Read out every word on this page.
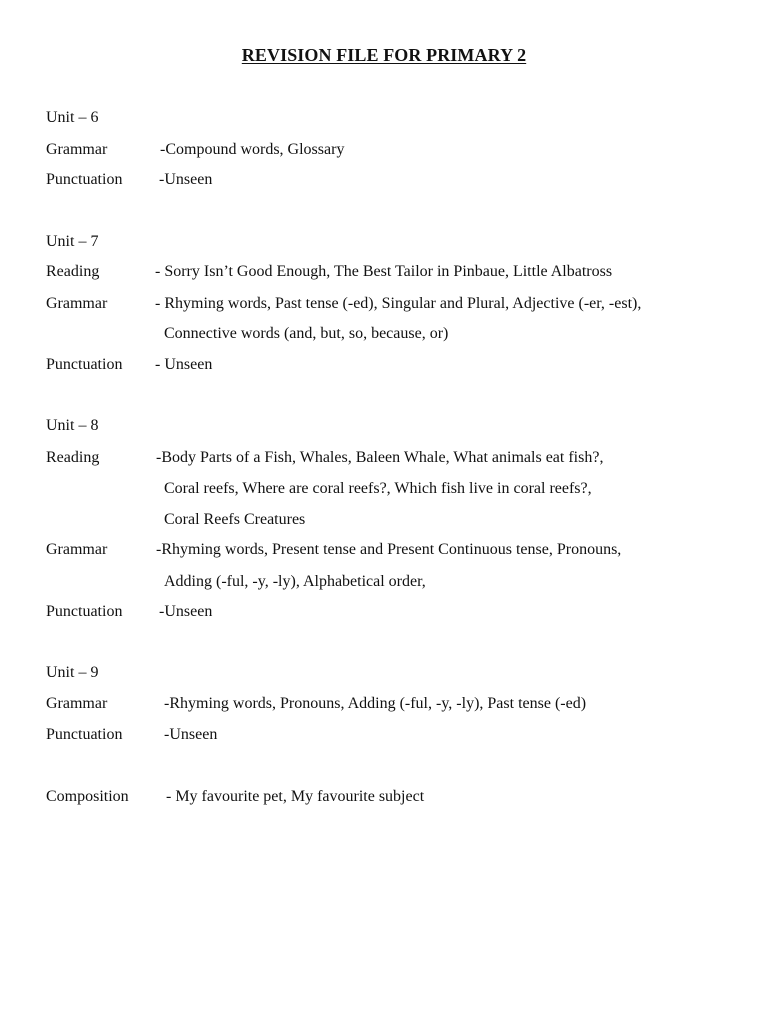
REVISION FILE FOR PRIMARY 2
Unit – 6
Grammar	-Compound words, Glossary
Punctuation -Unseen
Unit – 7
Reading	- Sorry Isn’t Good Enough, The Best Tailor in Pinbaue, Little Albatross
Grammar	- Rhyming words, Past tense (-ed), Singular and Plural, Adjective (-er, -est),
Connective words (and, but, so, because, or)
Punctuation - Unseen
Unit – 8
Reading	-Body Parts of a Fish, Whales, Baleen Whale, What animals eat fish?,
Coral reefs, Where are coral reefs?, Which fish live in coral reefs?,
Coral Reefs Creatures
Grammar	-Rhyming words, Present tense and Present Continuous tense, Pronouns,
Adding (-ful, -y, -ly), Alphabetical order,
Punctuation -Unseen
Unit – 9
Grammar	-Rhyming words, Pronouns, Adding (-ful, -y, -ly), Past tense (-ed)
Punctuation	-Unseen
Composition - My favourite pet, My favourite subject
